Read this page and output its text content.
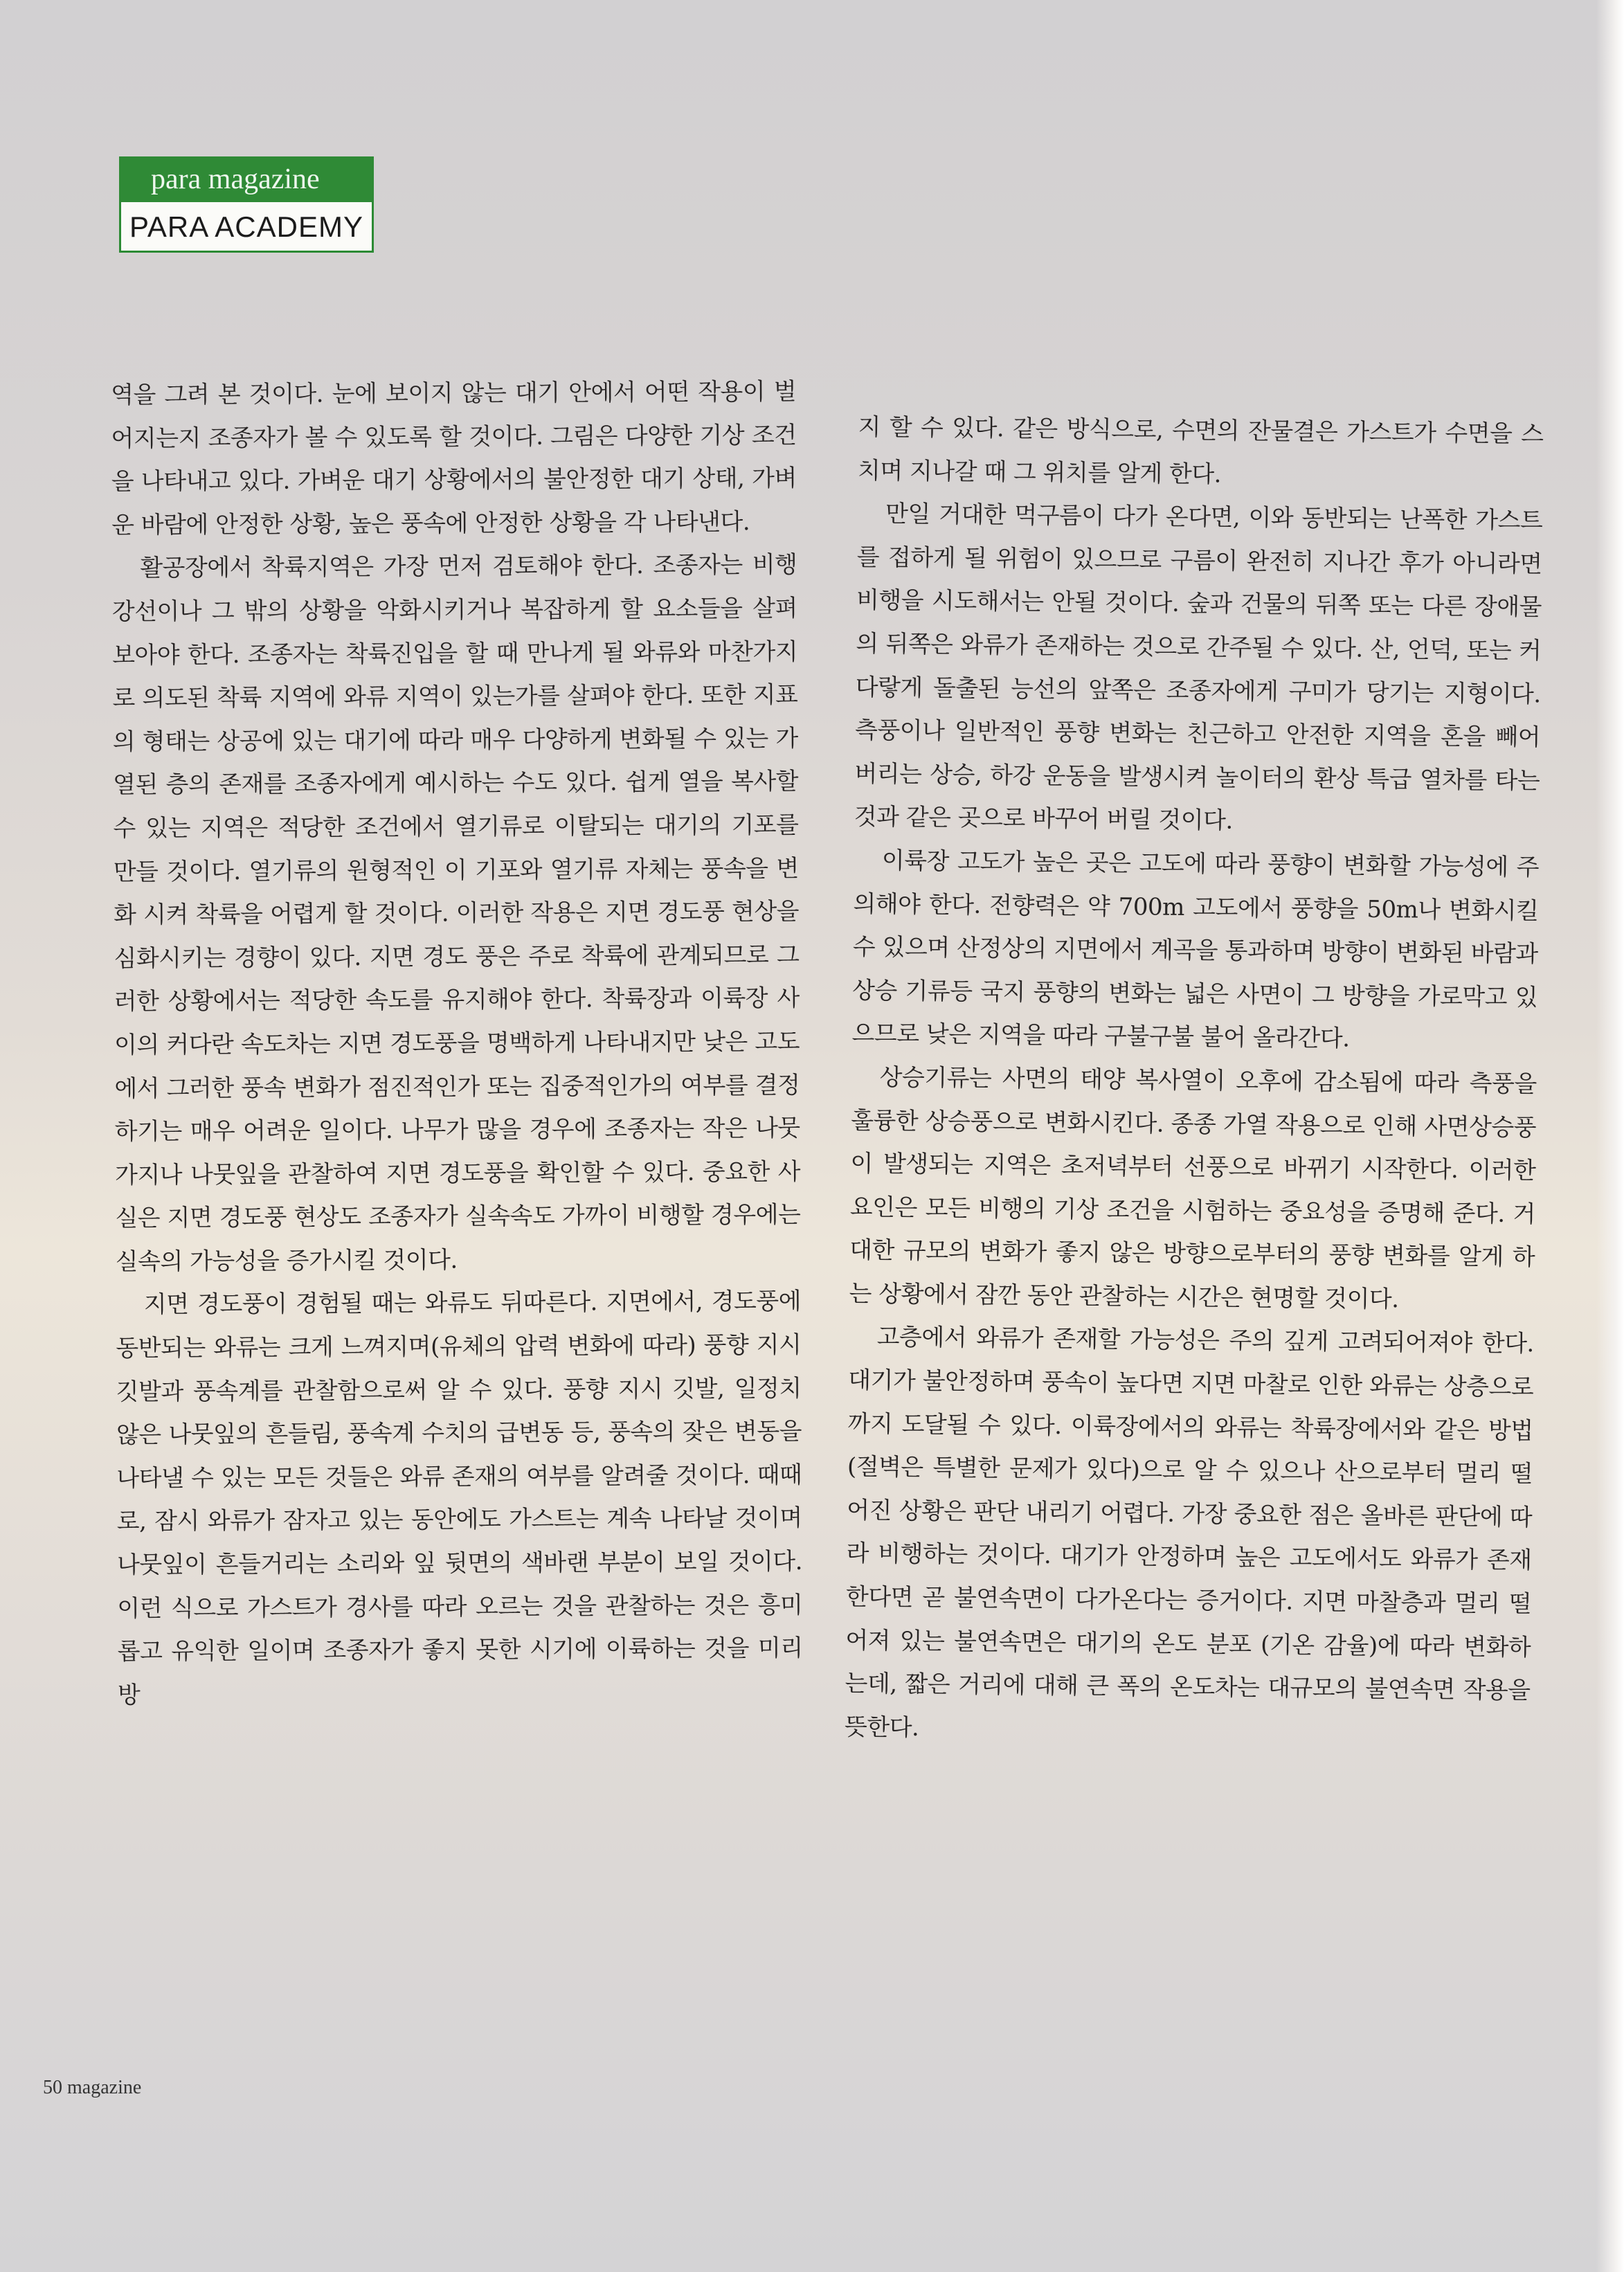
para magazine
PARA ACADEMY

역을 그려 본 것이다. 눈에 보이지 않는 대기 안에서 어떤 작용이 벌어지는지 조종자가 볼 수 있도록 할 것이다. 그림은 다양한 기상 조건을 나타내고 있다. 가벼운 대기 상황에서의 불안정한 대기 상태, 가벼운 바람에 안정한 상황, 높은 풍속에 안정한 상황을 각 나타낸다.

활공장에서 착륙지역은 가장 먼저 검토해야 한다. 조종자는 비행 강선이나 그 밖의 상황을 악화시키거나 복잡하게 할 요소들을 살펴 보아야 한다. 조종자는 착륙진입을 할 때 만나게 될 와류와 마찬가지로 의도된 착륙 지역에 와류 지역이 있는가를 살펴야 한다. 또한 지표의 형태는 상공에 있는 대기에 따라 매우 다양하게 변화될 수 있는 가열된 층의 존재를 조종자에게 예시하는 수도 있다. 쉽게 열을 복사할 수 있는 지역은 적당한 조건에서 열기류로 이탈되는 대기의 기포를 만들 것이다. 열기류의 원형적인 이 기포와 열기류 자체는 풍속을 변화 시켜 착륙을 어렵게 할 것이다. 이러한 작용은 지면 경도풍 현상을 심화시키는 경향이 있다. 지면 경도 풍은 주로 착륙에 관계되므로 그러한 상황에서는 적당한 속도를 유지해야 한다. 착륙장과 이륙장 사이의 커다란 속도차는 지면 경도풍을 명백하게 나타내지만 낮은 고도에서 그러한 풍속 변화가 점진적인가 또는 집중적인가의 여부를 결정하기는 매우 어려운 일이다. 나무가 많을 경우에 조종자는 작은 나뭇가지나 나뭇잎을 관찰하여 지면 경도풍을 확인할 수 있다. 중요한 사실은 지면 경도풍 현상도 조종자가 실속속도 가까이 비행할 경우에는 실속의 가능성을 증가시킬 것이다.

지면 경도풍이 경험될 때는 와류도 뒤따른다. 지면에서, 경도풍에 동반되는 와류는 크게 느껴지며(유체의 압력 변화에 따라) 풍향 지시 깃발과 풍속계를 관찰함으로써 알 수 있다. 풍향 지시 깃발, 일정치 않은 나뭇잎의 흔들림, 풍속계 수치의 급변동 등, 풍속의 잦은 변동을 나타낼 수 있는 모든 것들은 와류 존재의 여부를 알려줄 것이다. 때때로, 잠시 와류가 잠자고 있는 동안에도 가스트는 계속 나타날 것이며 나뭇잎이 흔들거리는 소리와 잎 뒷면의 색바랜 부분이 보일 것이다. 이런 식으로 가스트가 경사를 따라 오르는 것을 관찰하는 것은 흥미롭고 유익한 일이며 조종자가 좋지 못한 시기에 이륙하는 것을 미리 방

지 할 수 있다. 같은 방식으로, 수면의 잔물결은 가스트가 수면을 스치며 지나갈 때 그 위치를 알게 한다.

만일 거대한 먹구름이 다가 온다면, 이와 동반되는 난폭한 가스트를 접하게 될 위험이 있으므로 구름이 완전히 지나간 후가 아니라면 비행을 시도해서는 안될 것이다. 숲과 건물의 뒤쪽 또는 다른 장애물의 뒤쪽은 와류가 존재하는 것으로 간주될 수 있다. 산, 언덕, 또는 커다랗게 돌출된 능선의 앞쪽은 조종자에게 구미가 당기는 지형이다. 측풍이나 일반적인 풍향 변화는 친근하고 안전한 지역을 혼을 빼어 버리는 상승, 하강 운동을 발생시켜 놀이터의 환상 특급 열차를 타는 것과 같은 곳으로 바꾸어 버릴 것이다.

이륙장 고도가 높은 곳은 고도에 따라 풍향이 변화할 가능성에 주의해야 한다. 전향력은 약 700m 고도에서 풍향을 50m나 변화시킬 수 있으며 산정상의 지면에서 계곡을 통과하며 방향이 변화된 바람과 상승 기류등 국지 풍향의 변화는 넓은 사면이 그 방향을 가로막고 있으므로 낮은 지역을 따라 구불구불 불어 올라간다.

상승기류는 사면의 태양 복사열이 오후에 감소됨에 따라 측풍을 훌륭한 상승풍으로 변화시킨다. 종종 가열 작용으로 인해 사면상승풍이 발생되는 지역은 초저녁부터 선풍으로 바뀌기 시작한다. 이러한 요인은 모든 비행의 기상 조건을 시험하는 중요성을 증명해 준다. 거대한 규모의 변화가 좋지 않은 방향으로부터의 풍향 변화를 알게 하는 상황에서 잠깐 동안 관찰하는 시간은 현명할 것이다.

고층에서 와류가 존재할 가능성은 주의 깊게 고려되어져야 한다. 대기가 불안정하며 풍속이 높다면 지면 마찰로 인한 와류는 상층으로까지 도달될 수 있다. 이륙장에서의 와류는 착륙장에서와 같은 방법(절벽은 특별한 문제가 있다)으로 알 수 있으나 산으로부터 멀리 떨어진 상황은 판단 내리기 어렵다. 가장 중요한 점은 올바른 판단에 따라 비행하는 것이다. 대기가 안정하며 높은 고도에서도 와류가 존재한다면 곧 불연속면이 다가온다는 증거이다. 지면 마찰층과 멀리 떨어져 있는 불연속면은 대기의 온도 분포 (기온 감율)에 따라 변화하는데, 짧은 거리에 대해 큰 폭의 온도차는 대규모의 불연속면 작용을 뜻한다.

50 magazine
